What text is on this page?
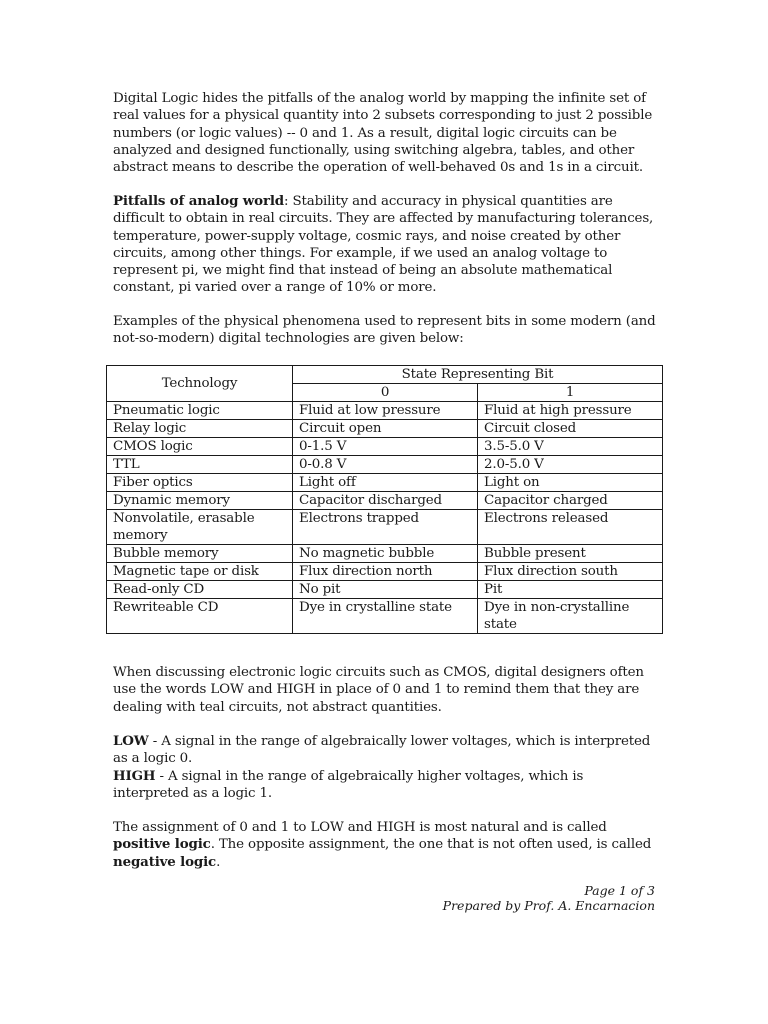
Digital Logic hides the pitfalls of the analog world by mapping the infinite set of real values for a physical quantity into 2 subsets corresponding to just 2 possible numbers (or logic values) -- 0 and 1. As a result, digital logic circuits can be analyzed and designed functionally, using switching algebra, tables, and other abstract means to describe the operation of well-behaved 0s and 1s in a circuit.

Pitfalls of analog world: Stability and accuracy in physical quantities are difficult to obtain in real circuits. They are affected by manufacturing tolerances, temperature, power-supply voltage, cosmic rays, and noise created by other circuits, among other things. For example, if we used an analog voltage to represent pi, we might find that instead of being an absolute mathematical constant, pi varied over a range of 10% or more.

Examples of the physical phenomena used to represent bits in some modern (and not-so-modern) digital technologies are given below:

Technology	State Representing Bit	
	0	1
Pneumatic logic	Fluid at low pressure	Fluid at high pressure
Relay logic	Circuit open	Circuit closed
CMOS logic	0-1.5 V	3.5-5.0 V
TTL	0-0.8 V	2.0-5.0 V
Fiber optics	Light off	Light on
Dynamic memory	Capacitor discharged	Capacitor charged
Nonvolatile, erasable memory	Electrons trapped	Electrons released
Bubble memory	No magnetic bubble	Bubble present
Magnetic tape or disk	Flux direction north	Flux direction south
Read-only CD	No pit	Pit
Rewriteable CD	Dye in crystalline state	Dye in non-crystalline state

When discussing electronic logic circuits such as CMOS, digital designers often use the words LOW and HIGH in place of 0 and 1 to remind them that they are dealing with teal circuits, not abstract quantities.

LOW - A signal in the range of algebraically lower voltages, which is interpreted as a logic 0.
HIGH - A signal in the range of algebraically higher voltages, which is interpreted as a logic 1.

The assignment of 0 and 1 to LOW and HIGH is most natural and is called positive logic. The opposite assignment, the one that is not often used, is called negative logic.

Page 1 of 3
Prepared by Prof. A. Encarnacion
